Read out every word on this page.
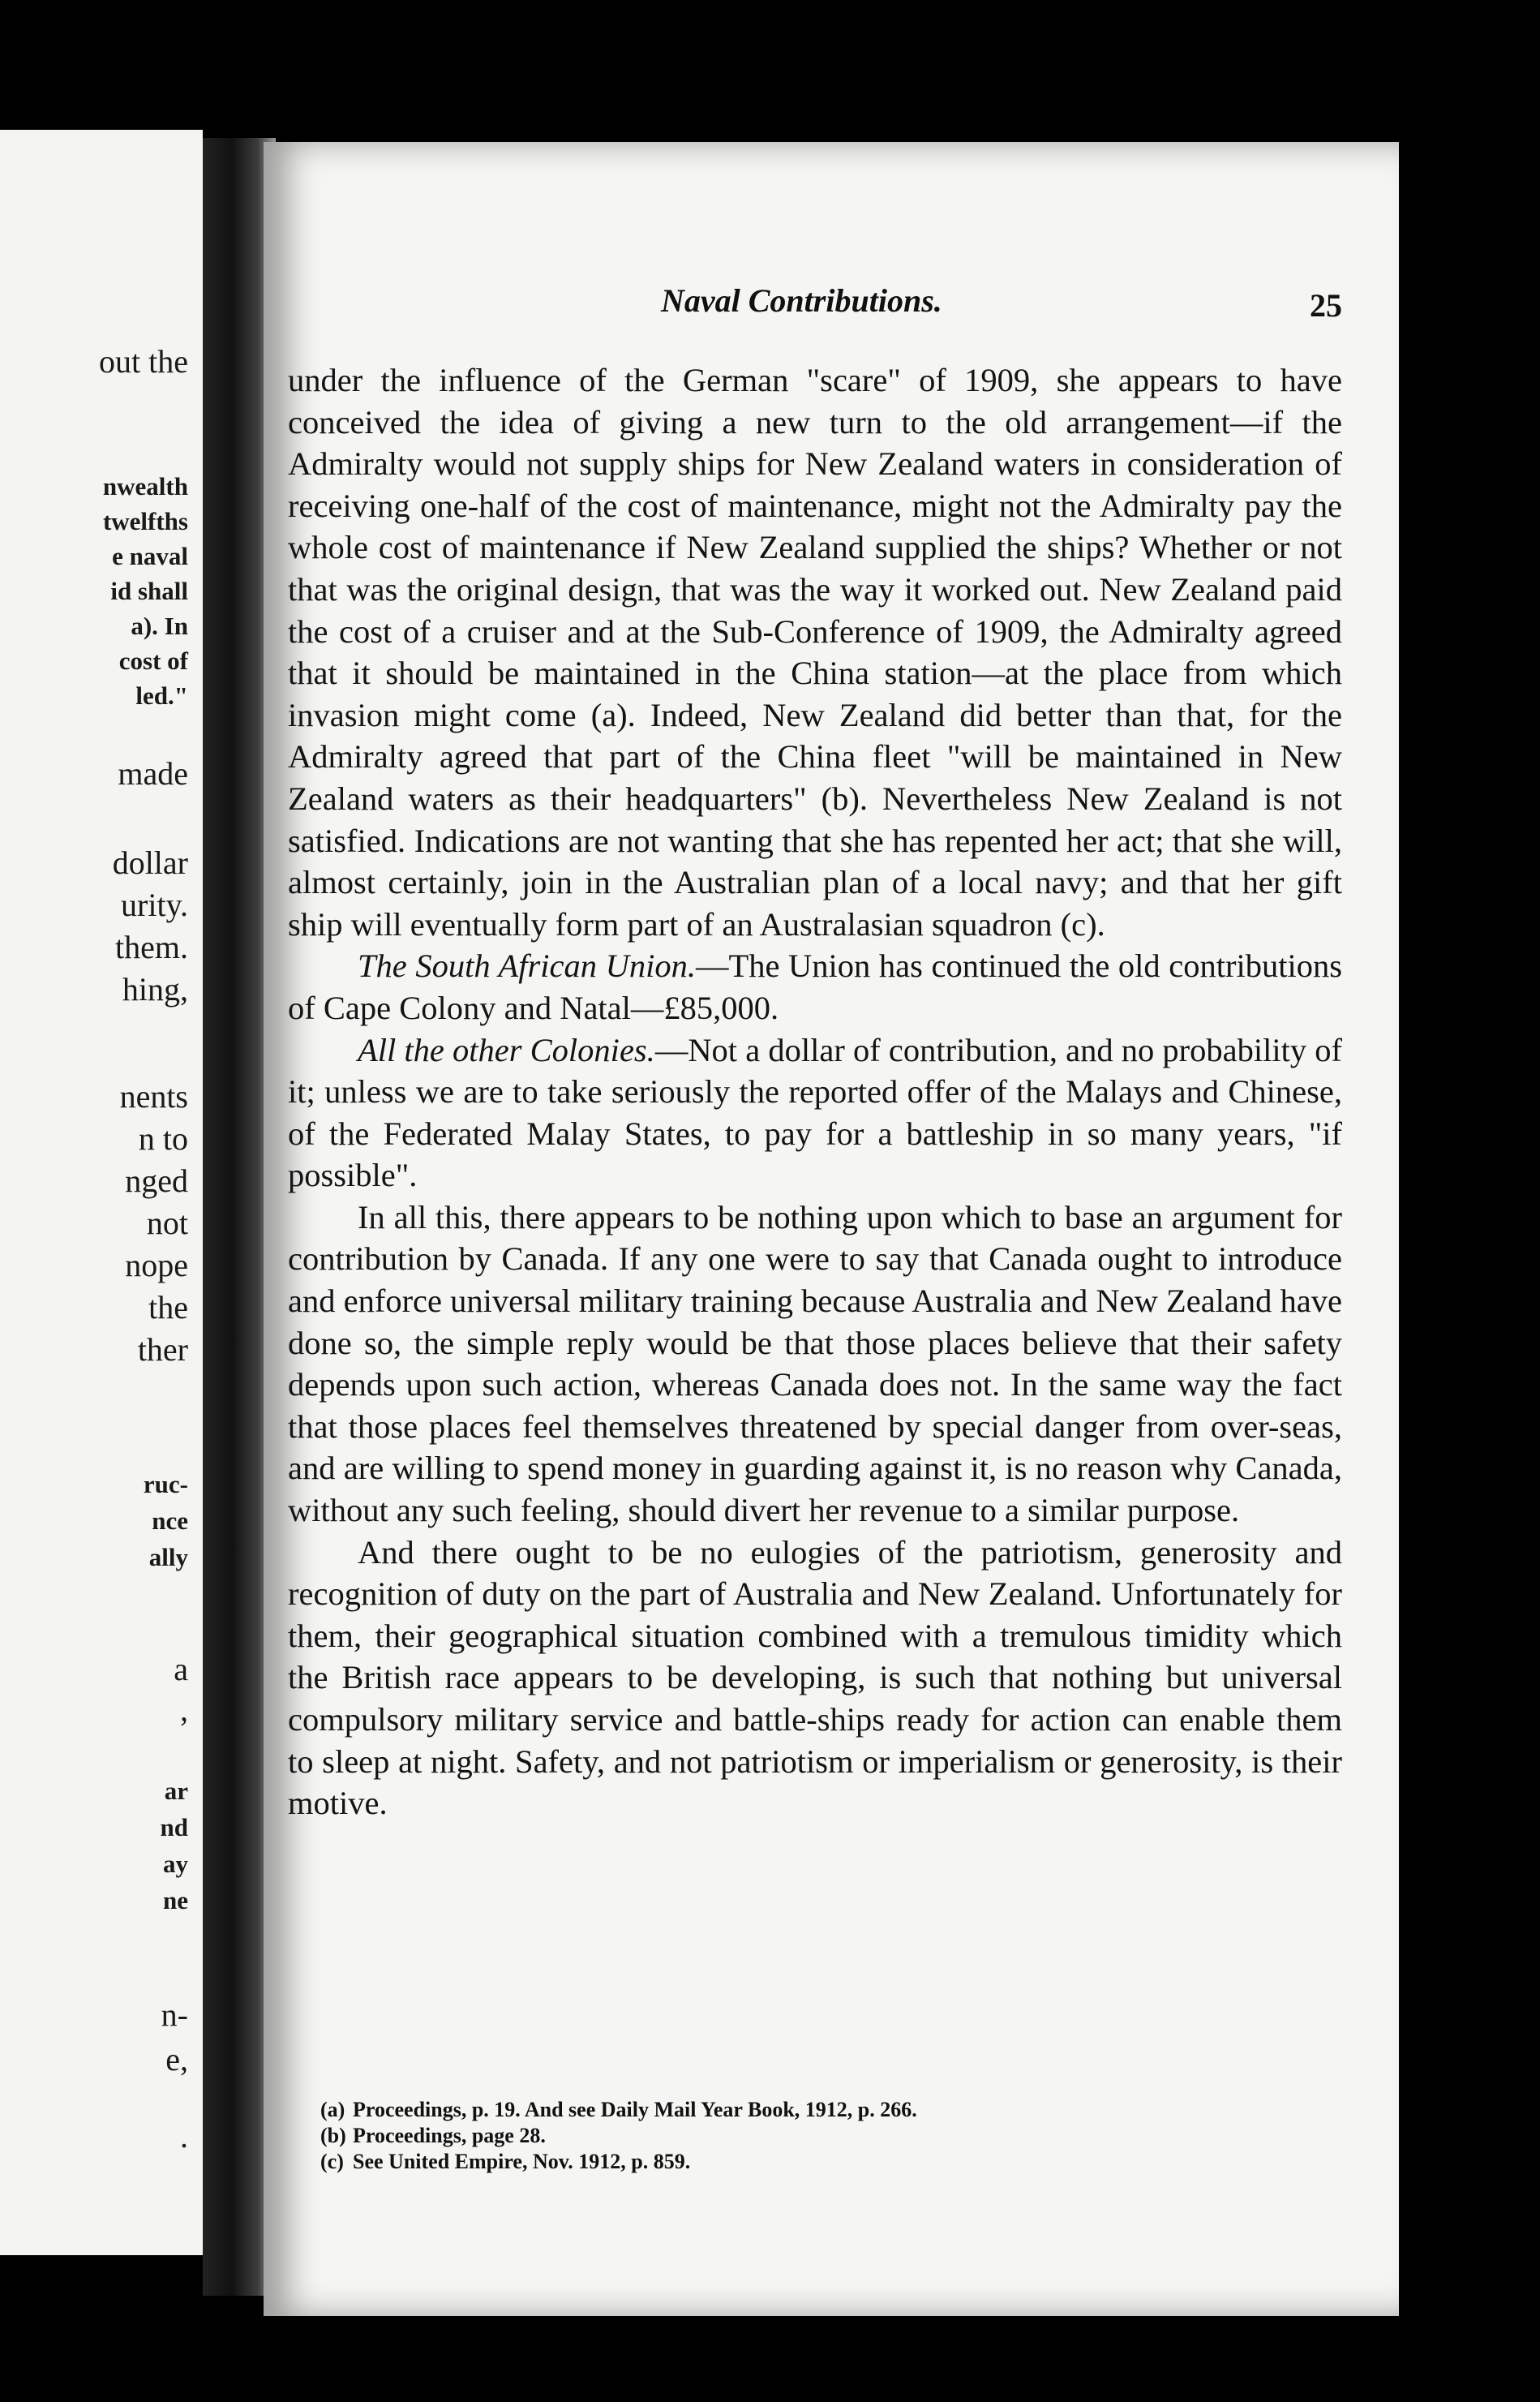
out the
nwealth
twelfths
e naval
id shall
a). In
cost of
led."
made
dollar
urity.
them.
hing,
nents
n to
nged
not
nope
the
ther
ruc-
nce
ally
a
,
ar
nd
ay
ne
n-
e,
.
Naval Contributions.	25

under the influence of the German "scare" of 1909, she appears to have conceived the idea of giving a new turn to the old arrangement—if the Admiralty would not supply ships for New Zealand waters in consideration of receiving one-half of the cost of maintenance, might not the Admiralty pay the whole cost of maintenance if New Zealand supplied the ships? Whether or not that was the original design, that was the way it worked out. New Zealand paid the cost of a cruiser and at the Sub-Conference of 1909, the Admiralty agreed that it should be maintained in the China station—at the place from which invasion might come (a). Indeed, New Zealand did better than that, for the Admiralty agreed that part of the China fleet "will be maintained in New Zealand waters as their headquarters" (b). Nevertheless New Zealand is not satisfied. Indications are not wanting that she has repented her act; that she will, almost certainly, join in the Australian plan of a local navy; and that her gift ship will eventually form part of an Australasian squadron (c).

The South African Union.—The Union has continued the old contributions of Cape Colony and Natal—£85,000.

All the other Colonies.—Not a dollar of contribution, and no probability of it; unless we are to take seriously the reported offer of the Malays and Chinese, of the Federated Malay States, to pay for a battleship in so many years, "if possible".

In all this, there appears to be nothing upon which to base an argument for contribution by Canada. If any one were to say that Canada ought to introduce and enforce universal military training because Australia and New Zealand have done so, the simple reply would be that those places believe that their safety depends upon such action, whereas Canada does not. In the same way the fact that those places feel themselves threatened by special danger from over-seas, and are willing to spend money in guarding against it, is no reason why Canada, without any such feeling, should divert her revenue to a similar purpose.

And there ought to be no eulogies of the patriotism, generosity and recognition of duty on the part of Australia and New Zealand. Unfortunately for them, their geographical situation combined with a tremulous timidity which the British race appears to be developing, is such that nothing but universal compulsory military service and battle-ships ready for action can enable them to sleep at night. Safety, and not patriotism or imperialism or generosity, is their motive.

(a) Proceedings, p. 19. And see Daily Mail Year Book, 1912, p. 266.
(b) Proceedings, page 28.
(c) See United Empire, Nov. 1912, p. 859.
